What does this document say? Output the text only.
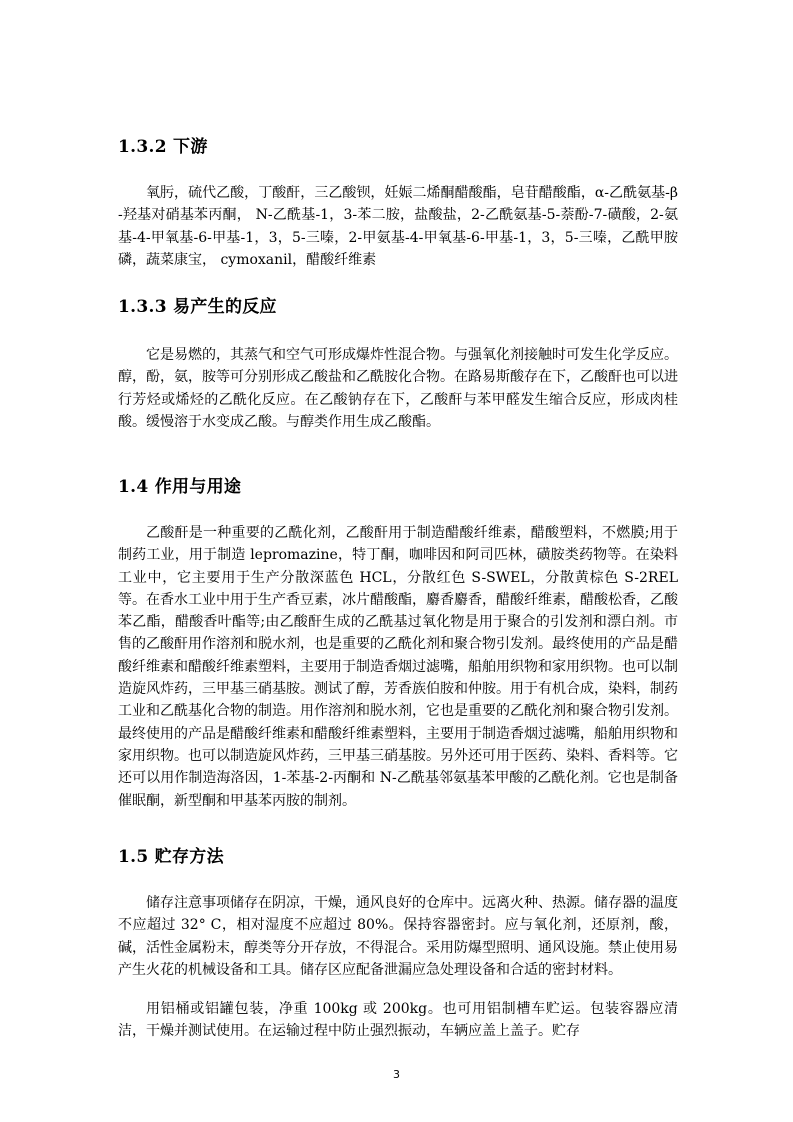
1.3.2 下游

氧肟，硫代乙酸，丁酸酐，三乙酸钡，妊娠二烯酮醋酸酯，皂苷醋酸酯，α-乙酰氨基-β-羟基对硝基苯丙酮， N-乙酰基-1，3-苯二胺，盐酸盐，2-乙酰氨基-5-萘酚-7-磺酸，2-氨基-4-甲氧基-6-甲基-1，3，5-三嗪，2-甲氨基-4-甲氧基-6-甲基-1，3，5-三嗪，乙酰甲胺磷，蔬菜康宝， cymoxanil，醋酸纤维素

1.3.3 易产生的反应

它是易燃的，其蒸气和空气可形成爆炸性混合物。与强氧化剂接触时可发生化学反应。醇，酚，氨，胺等可分别形成乙酸盐和乙酰胺化合物。在路易斯酸存在下，乙酸酐也可以进行芳烃或烯烃的乙酰化反应。在乙酸钠存在下，乙酸酐与苯甲醛发生缩合反应，形成肉桂酸。缓慢溶于水变成乙酸。与醇类作用生成乙酸酯。

1.4 作用与用途

乙酸酐是一种重要的乙酰化剂，乙酸酐用于制造醋酸纤维素，醋酸塑料，不燃膜;用于制药工业，用于制造 lepromazine，特丁酮，咖啡因和阿司匹林，磺胺类药物等。在染料工业中，它主要用于生产分散深蓝色 HCL，分散红色 S-SWEL，分散黄棕色 S-2REL 等。在香水工业中用于生产香豆素，冰片醋酸酯，麝香麝香，醋酸纤维素，醋酸松香，乙酸苯乙酯，醋酸香叶酯等;由乙酸酐生成的乙酰基过氧化物是用于聚合的引发剂和漂白剂。市售的乙酸酐用作溶剂和脱水剂，也是重要的乙酰化剂和聚合物引发剂。最终使用的产品是醋酸纤维素和醋酸纤维素塑料，主要用于制造香烟过滤嘴，船舶用织物和家用织物。也可以制造旋风炸药，三甲基三硝基胺。测试了醇，芳香族伯胺和仲胺。用于有机合成，染料，制药工业和乙酰基化合物的制造。用作溶剂和脱水剂，它也是重要的乙酰化剂和聚合物引发剂。最终使用的产品是醋酸纤维素和醋酸纤维素塑料，主要用于制造香烟过滤嘴，船舶用织物和家用织物。也可以制造旋风炸药，三甲基三硝基胺。另外还可用于医药、染料、香料等。它还可以用作制造海洛因，1-苯基-2-丙酮和 N-乙酰基邻氨基苯甲酸的乙酰化剂。它也是制备催眠酮，新型酮和甲基苯丙胺的制剂。

1.5 贮存方法

储存注意事项储存在阴凉，干燥，通风良好的仓库中。远离火种、热源。储存器的温度不应超过 32° C，相对湿度不应超过 80%。保持容器密封。应与氧化剂，还原剂，酸，碱，活性金属粉末，醇类等分开存放，不得混合。采用防爆型照明、通风设施。禁止使用易产生火花的机械设备和工具。储存区应配备泄漏应急处理设备和合适的密封材料。

用铝桶或铝罐包装，净重 100kg 或 200kg。也可用铝制槽车贮运。包装容器应清洁，干燥并测试使用。在运输过程中防止强烈振动，车辆应盖上盖子。贮存

3
